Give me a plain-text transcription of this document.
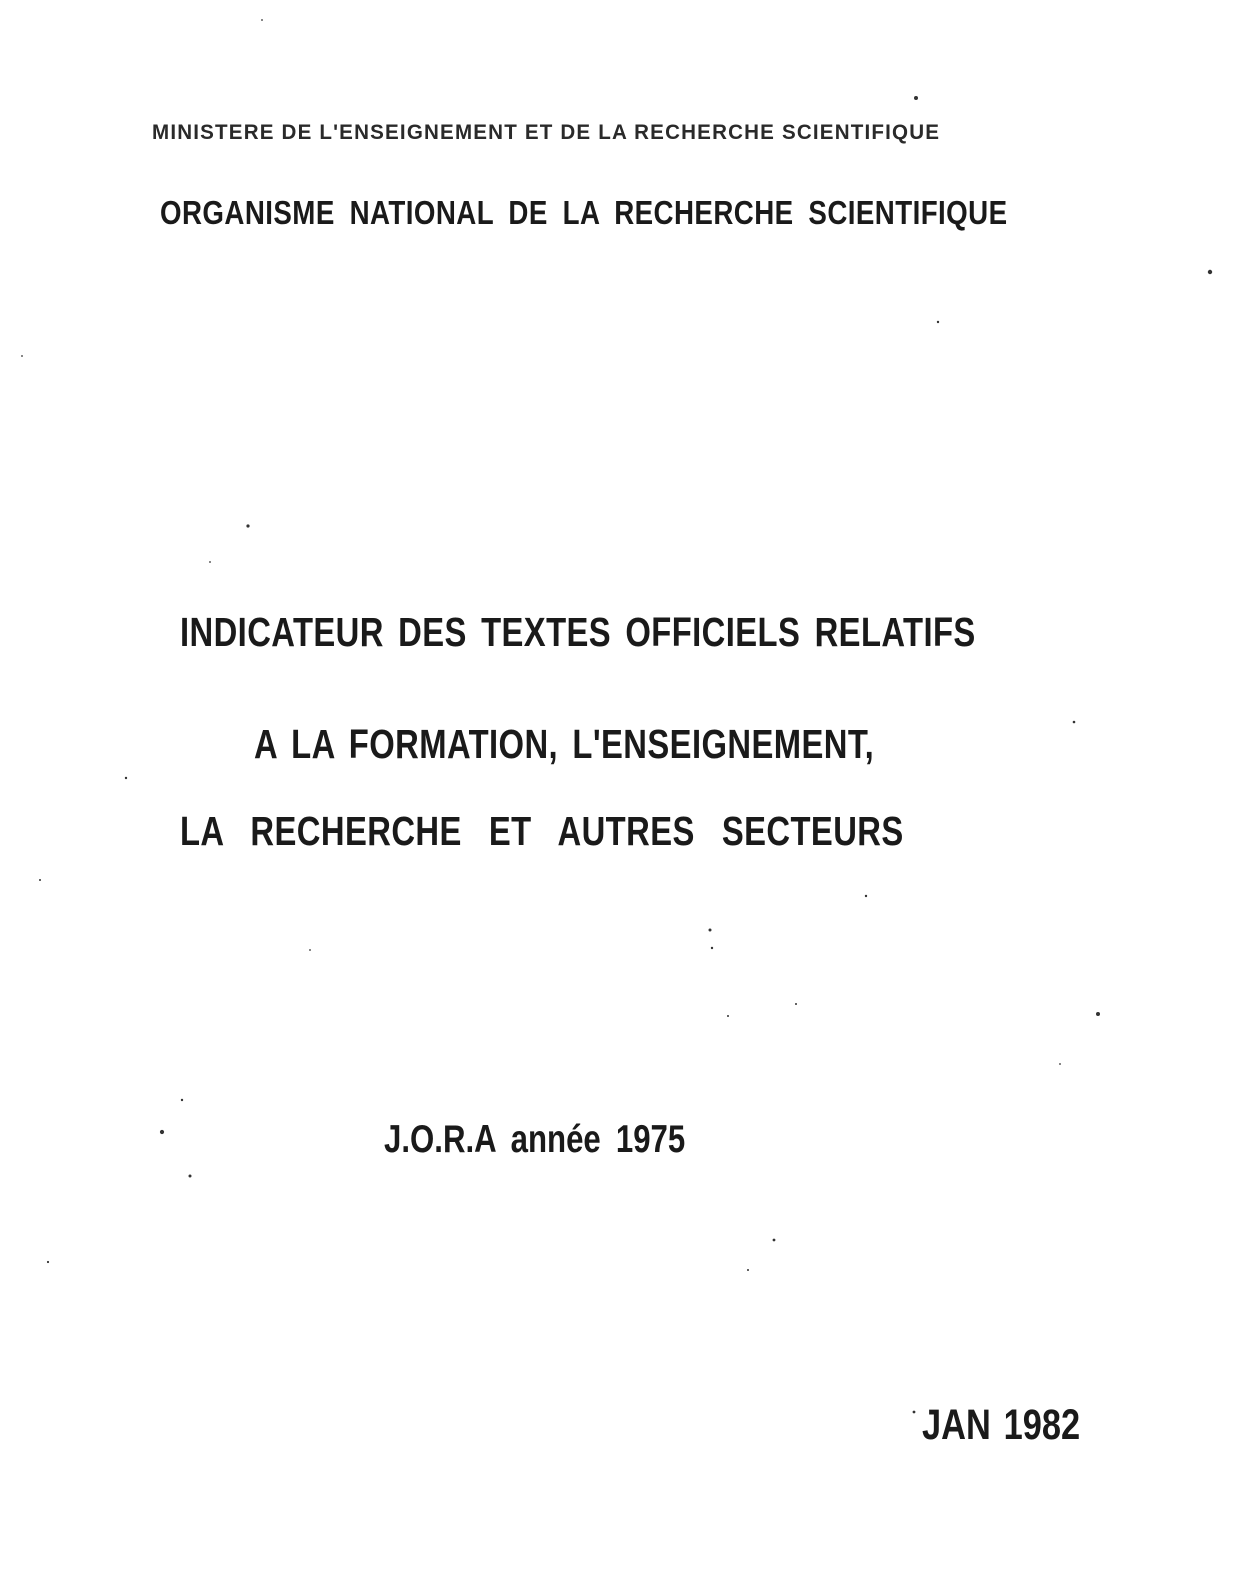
MINISTERE DE L'ENSEIGNEMENT ET DE LA RECHERCHE SCIENTIFIQUE

ORGANISME NATIONAL DE LA RECHERCHE SCIENTIFIQUE

INDICATEUR DES TEXTES OFFICIELS RELATIFS

A LA FORMATION, L'ENSEIGNEMENT,

LA RECHERCHE ET AUTRES SECTEURS

J.O.R.A année 1975

JAN 1982
